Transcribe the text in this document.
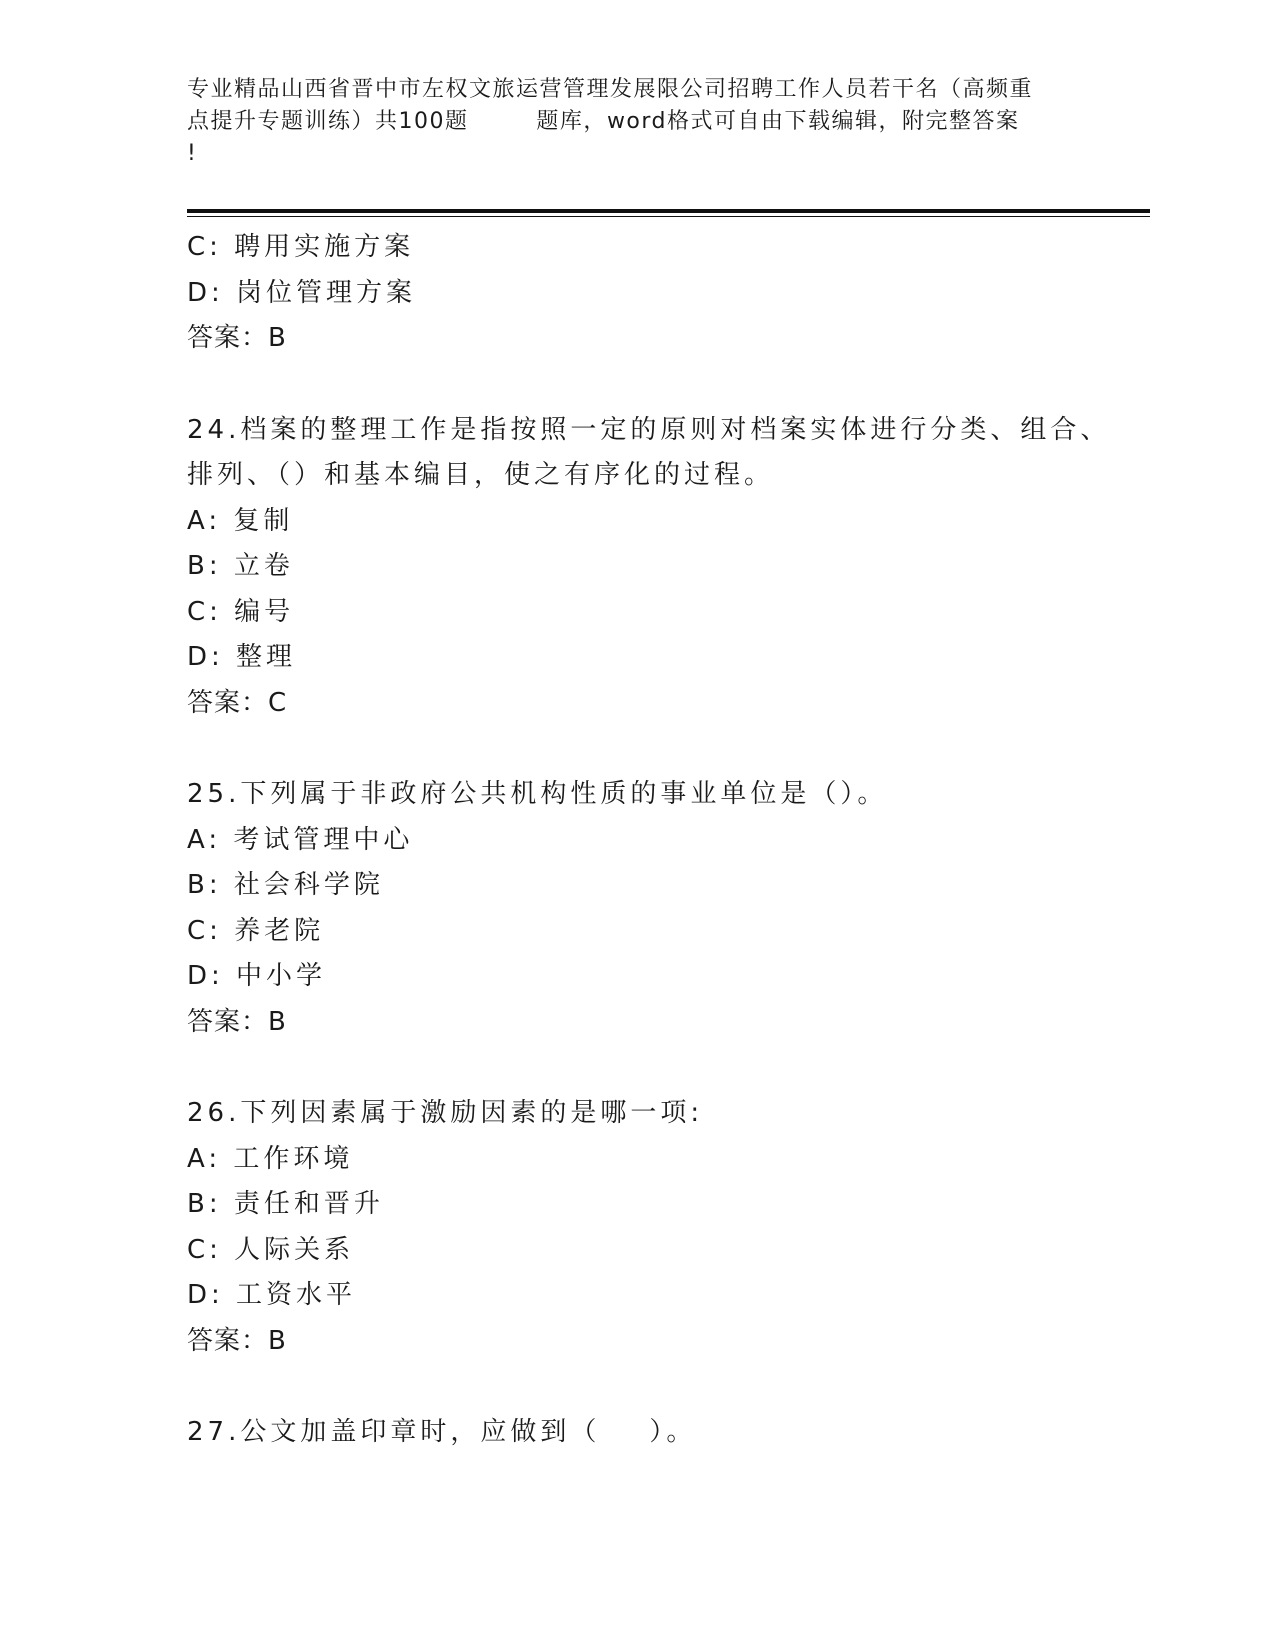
专业精品山西省晋中市左权文旅运营管理发展限公司招聘工作人员若干名（高频重
点提升专题训练）共100题        题库，word格式可自由下载编辑，附完整答案
!
C: 聘用实施方案
D: 岗位管理方案
答案：B
24.档案的整理工作是指按照一定的原则对档案实体进行分类、组合、
排列、（）和基本编目，使之有序化的过程。
A: 复制
B: 立卷
C: 编号
D: 整理
答案：C
25.下列属于非政府公共机构性质的事业单位是（）。
A: 考试管理中心
B: 社会科学院
C: 养老院
D: 中小学
答案：B
26.下列因素属于激励因素的是哪一项:
A: 工作环境
B: 责任和晋升
C: 人际关系
D: 工资水平
答案：B
27.公文加盖印章时，应做到（    ）。
